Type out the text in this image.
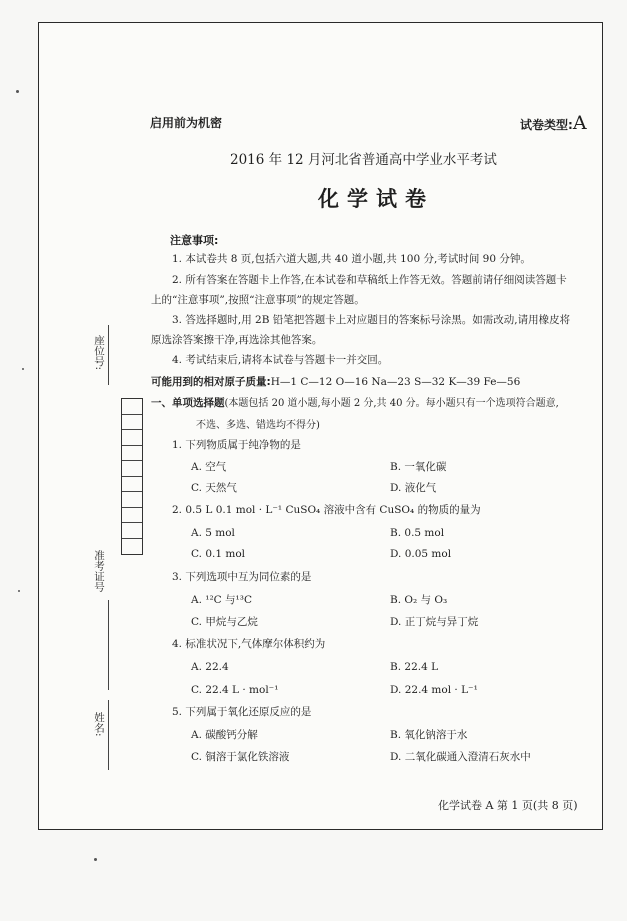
启用前为机密	试卷类型:A
2016 年 12 月河北省普通高中学业水平考试
化学试卷
注意事项:
1. 本试卷共 8 页,包括六道大题,共 40 道小题,共 100 分,考试时间 90 分钟。
2. 所有答案在答题卡上作答,在本试卷和草稿纸上作答无效。答题前请仔细阅读答题卡
上的“注意事项”,按照“注意事项”的规定答题。
3. 答选择题时,用 2B 铅笔把答题卡上对应题目的答案标号涂黑。如需改动,请用橡皮将
原选涂答案擦干净,再选涂其他答案。
4. 考试结束后,请将本试卷与答题卡一并交回。
可能用到的相对原子质量:H—1 C—12 O—16 Na—23 S—32 K—39 Fe—56
一、单项选择题(本题包括 20 道小题,每小题 2 分,共 40 分。每小题只有一个选项符合题意,
不选、多选、错选均不得分)
1. 下列物质属于纯净物的是
A. 空气	B. 一氧化碳
C. 天然气	D. 液化气
2. 0.5 L 0.1 mol · L⁻¹ CuSO₄ 溶液中含有 CuSO₄ 的物质的量为
A. 5 mol	B. 0.5 mol
C. 0.1 mol	D. 0.05 mol
3. 下列选项中互为同位素的是
A. ¹²C 与¹³C	B. O₂ 与 O₃
C. 甲烷与乙烷	D. 正丁烷与异丁烷
4. 标准状况下,气体摩尔体积约为
A. 22.4	B. 22.4 L
C. 22.4 L · mol⁻¹	D. 22.4 mol · L⁻¹
5. 下列属于氧化还原反应的是
A. 碳酸钙分解	B. 氧化钠溶于水
C. 铜溶于氯化铁溶液	D. 二氧化碳通入澄清石灰水中
座位号:
准考证号
姓名:
化学试卷 A 第 1 页(共 8 页)
